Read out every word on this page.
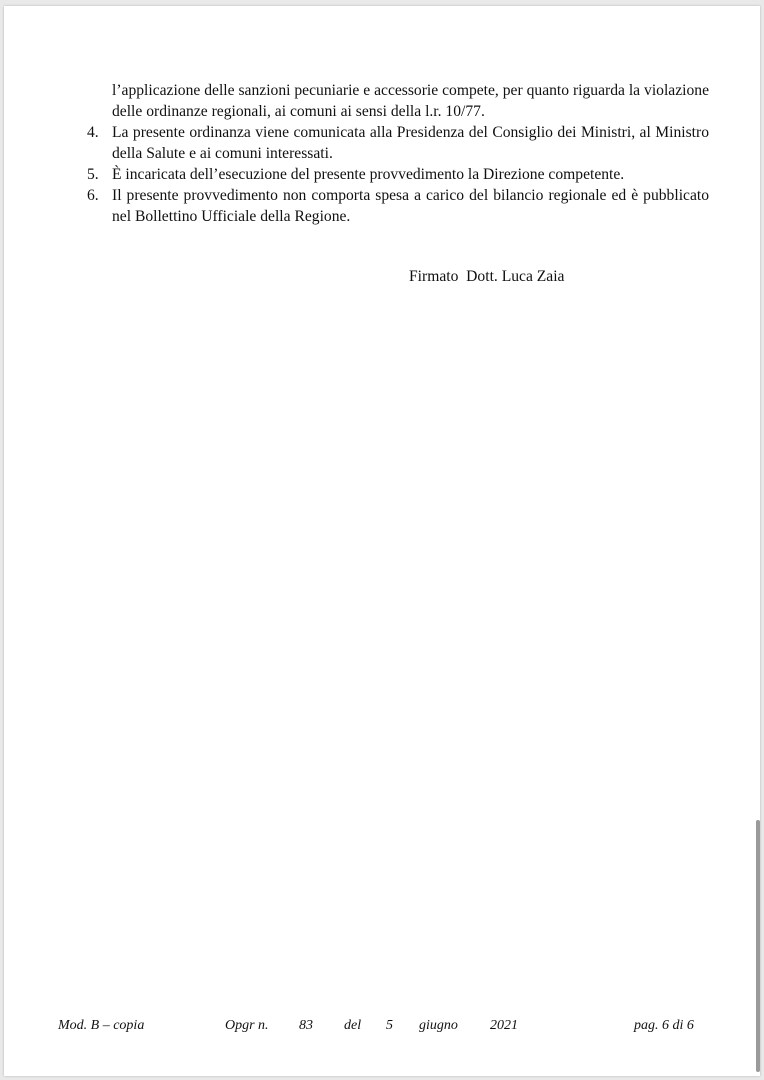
l’applicazione delle sanzioni pecuniarie e accessorie compete, per quanto riguarda la violazione delle ordinanze regionali, ai comuni ai sensi della l.r. 10/77.

4. La presente ordinanza viene comunicata alla Presidenza del Consiglio dei Ministri, al Ministro della Salute e ai comuni interessati.
5. È incaricata dell’esecuzione del presente provvedimento la Direzione competente.
6. Il presente provvedimento non comporta spesa a carico del bilancio regionale ed è pubblicato nel Bollettino Ufficiale della Regione.
Firmato  Dott. Luca Zaia
Mod. B – copia	Opgr n. 83 del 5 giugno 2021	pag. 6 di 6
